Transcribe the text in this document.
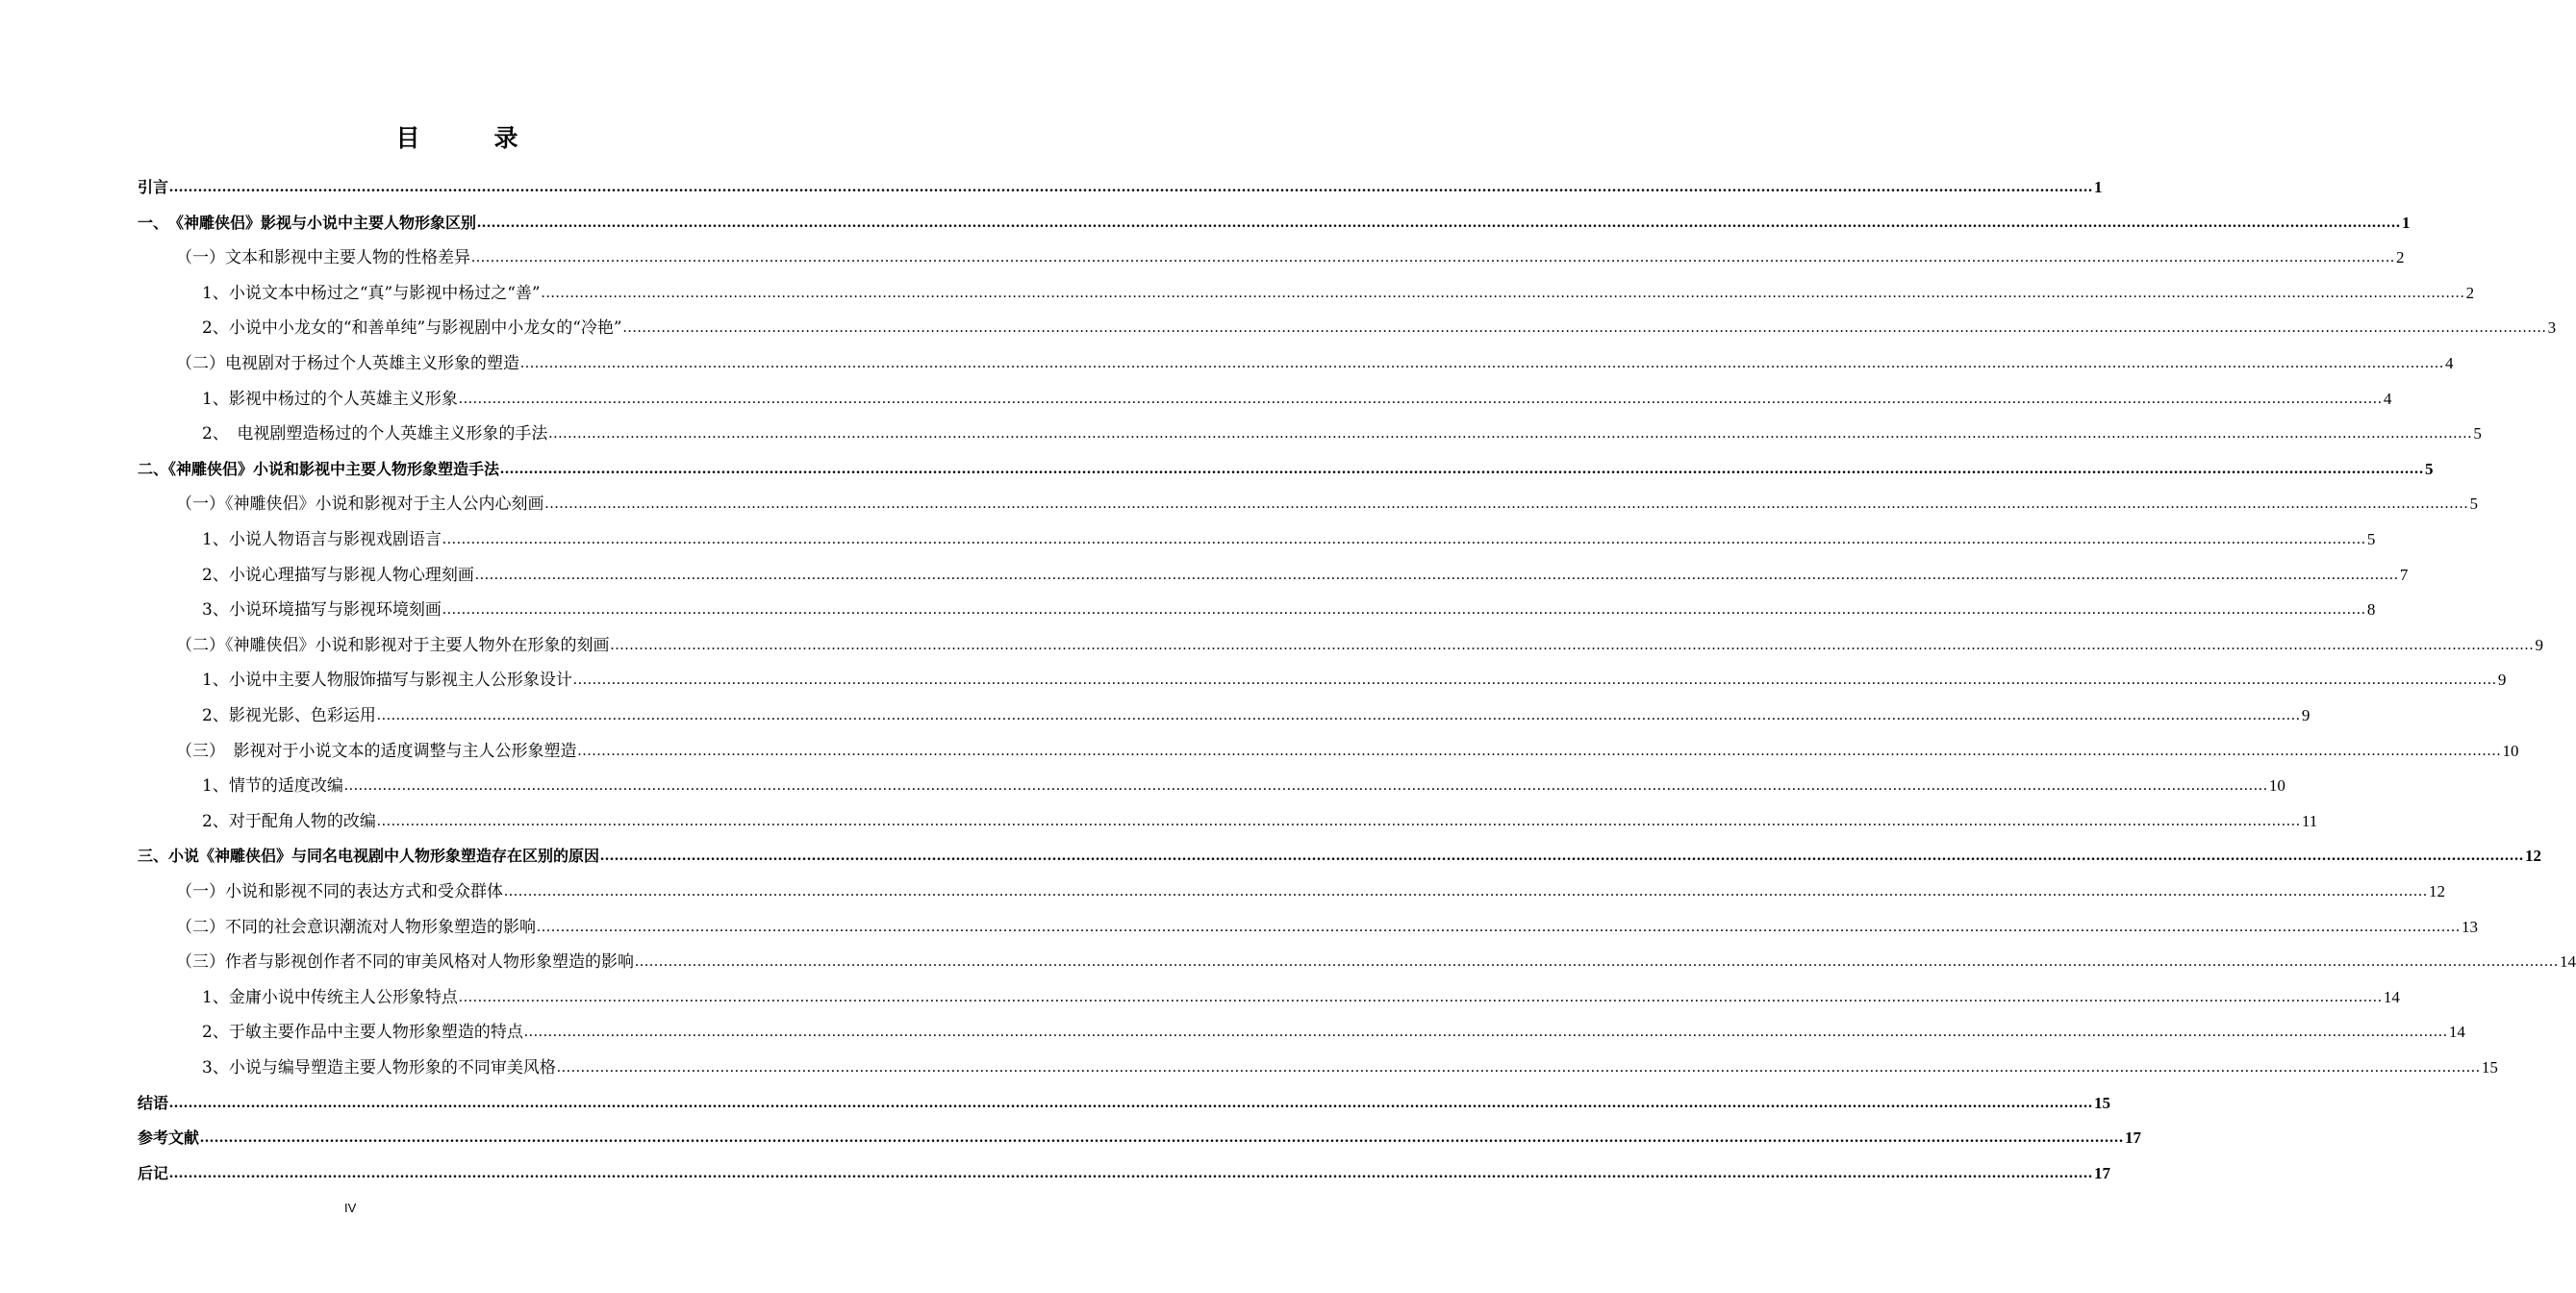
目　录
引言 ................................................................................................................................................................................................................................................................................................................................................................................................................ 1
一、　《神雕侠侣》影视与小说中主要人物形象区别 ................................................................................................................................................................................................................................................................................................................................................................................................................ 1
（一）文本和影视中主要人物的性格差异 ................................................................................................................................................................................................................................................................................................................................................................................................................ 2
1、小说文本中杨过之“真”与影视中杨过之“善” ................................................................................................................................................................................................................................................................................................................................................................................................................ 2
2、小说中小龙女的“和善单纯”与影视剧中小龙女的“冷艳” ................................................................................................................................................................................................................................................................................................................................................................................................................ 3
（二）电视剧对于杨过个人英雄主义形象的塑造 ................................................................................................................................................................................................................................................................................................................................................................................................................ 4
1、影视中杨过的个人英雄主义形象 ................................................................................................................................................................................................................................................................................................................................................................................................................ 4
2、　电视剧塑造杨过的个人英雄主义形象的手法 ................................................................................................................................................................................................................................................................................................................................................................................................................ 5
二、《神雕侠侣》小说和影视中主要人物形象塑造手法 ................................................................................................................................................................................................................................................................................................................................................................................................................ 5
（一）《神雕侠侣》小说和影视对于主人公内心刻画 ................................................................................................................................................................................................................................................................................................................................................................................................................ 5
1、小说人物语言与影视戏剧语言 ................................................................................................................................................................................................................................................................................................................................................................................................................ 5
2、小说心理描写与影视人物心理刻画 ................................................................................................................................................................................................................................................................................................................................................................................................................ 7
3、小说环境描写与影视环境刻画 ................................................................................................................................................................................................................................................................................................................................................................................................................ 8
（二）《神雕侠侣》小说和影视对于主要人物外在形象的刻画 ................................................................................................................................................................................................................................................................................................................................................................................................................ 9
1、小说中主要人物服饰描写与影视主人公形象设计 ................................................................................................................................................................................................................................................................................................................................................................................................................ 9
2、影视光影、色彩运用 ................................................................................................................................................................................................................................................................................................................................................................................................................ 9
（三）　影视对于小说文本的适度调整与主人公形象塑造 ................................................................................................................................................................................................................................................................................................................................................................................................................ 10
1、情节的适度改编 ................................................................................................................................................................................................................................................................................................................................................................................................................ 10
2、对于配角人物的改编 ................................................................................................................................................................................................................................................................................................................................................................................................................ 11
三、小说《神雕侠侣》与同名电视剧中人物形象塑造存在区别的原因 ................................................................................................................................................................................................................................................................................................................................................................................................................ 12
（一）小说和影视不同的表达方式和受众群体 ................................................................................................................................................................................................................................................................................................................................................................................................................ 12
（二）不同的社会意识潮流对人物形象塑造的影响 ................................................................................................................................................................................................................................................................................................................................................................................................................ 13
（三）作者与影视创作者不同的审美风格对人物形象塑造的影响 ................................................................................................................................................................................................................................................................................................................................................................................................................ 14
1、金庸小说中传统主人公形象特点 ................................................................................................................................................................................................................................................................................................................................................................................................................ 14
2、于敏主要作品中主要人物形象塑造的特点 ................................................................................................................................................................................................................................................................................................................................................................................................................ 14
3、小说与编导塑造主要人物形象的不同审美风格 ................................................................................................................................................................................................................................................................................................................................................................................................................ 15
结语 ................................................................................................................................................................................................................................................................................................................................................................................................................ 15
参考文献 ................................................................................................................................................................................................................................................................................................................................................................................................................ 17
后记 ................................................................................................................................................................................................................................................................................................................................................................................................................ 17
IV
